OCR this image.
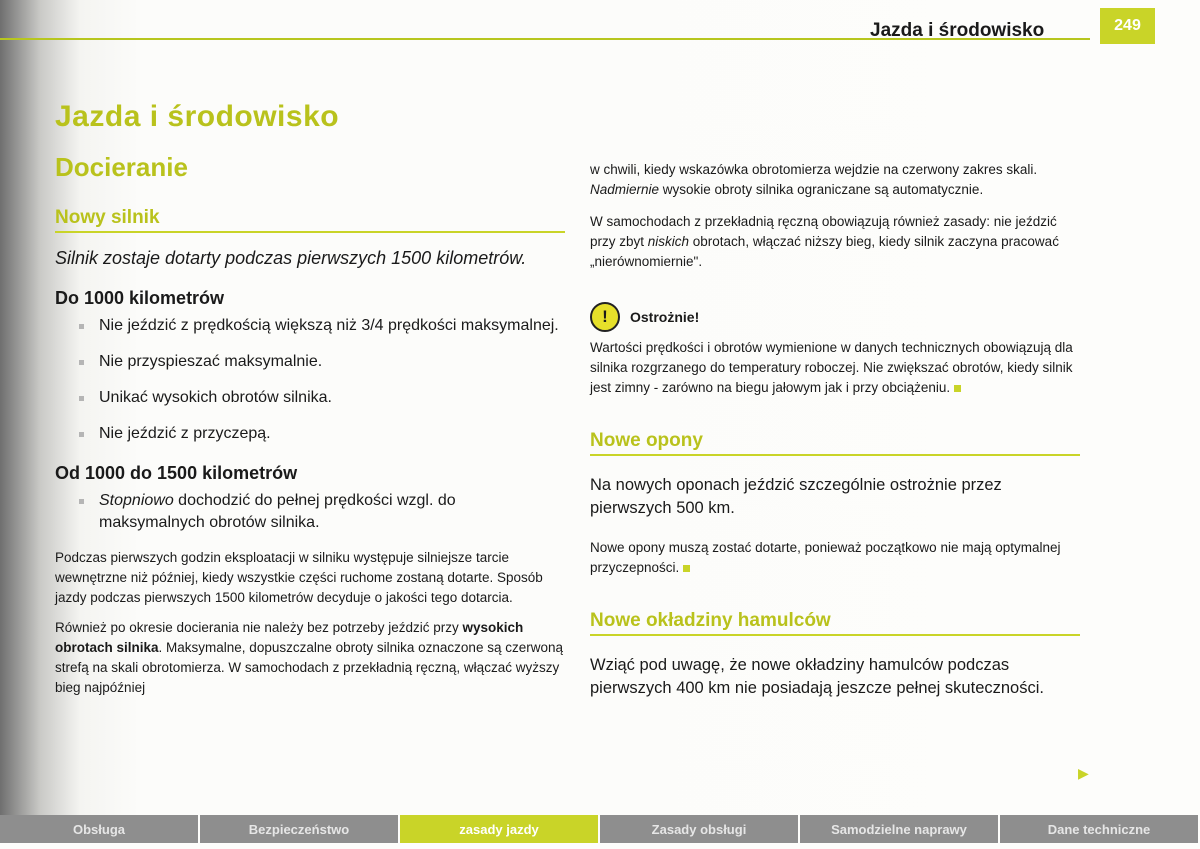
Jazda i środowisko	249
Jazda i środowisko
Docieranie
Nowy silnik

Silnik zostaje dotarty podczas pierwszych 1500 kilometrów.

Do 1000 kilometrów
Nie jeździć z prędkością większą niż 3/4 prędkości maksymalnej.
Nie przyspieszać maksymalnie.
Unikać wysokich obrotów silnika.
Nie jeździć z przyczepą.
Od 1000 do 1500 kilometrów
Stopniowo dochodzić do pełnej prędkości wzgl. do maksymalnych obrotów silnika.

Podczas pierwszych godzin eksploatacji w silniku występuje silniejsze tarcie wewnętrzne niż później, kiedy wszystkie części ruchome zostaną dotarte. Sposób jazdy podczas pierwszych 1500 kilometrów decyduje o jakości tego dotarcia.

Również po okresie docierania nie należy bez potrzeby jeździć przy wysokich obrotach silnika. Maksymalne, dopuszczalne obroty silnika oznaczone są czerwoną strefą na skali obrotomierza. W samochodach z przekładnią ręczną, włączać wyższy bieg najpóźniej

w chwili, kiedy wskazówka obrotomierza wejdzie na czerwony zakres skali. Nadmiernie wysokie obroty silnika ograniczane są automatycznie.

W samochodach z przekładnią ręczną obowiązują również zasady: nie jeździć przy zbyt niskich obrotach, włączać niższy bieg, kiedy silnik zaczyna pracować „nierównomiernie".

!	Ostrożnie!

Wartości prędkości i obrotów wymienione w danych technicznych obowiązują dla silnika rozgrzanego do temperatury roboczej. Nie zwiększać obrotów, kiedy silnik jest zimny - zarówno na biegu jałowym jak i przy obciążeniu.

Nowe opony

Na nowych oponach jeździć szczególnie ostrożnie przez pierwszych 500 km.

Nowe opony muszą zostać dotarte, ponieważ początkowo nie mają optymalnej przyczepności.

Nowe okładziny hamulców

Wziąć pod uwagę, że nowe okładziny hamulców podczas pierwszych 400 km nie posiadają jeszcze pełnej skuteczności.

▶
Obsługa	Bezpieczeństwo	zasady jazdy	Zasady obsługi	Samodzielne naprawy	Dane techniczne
